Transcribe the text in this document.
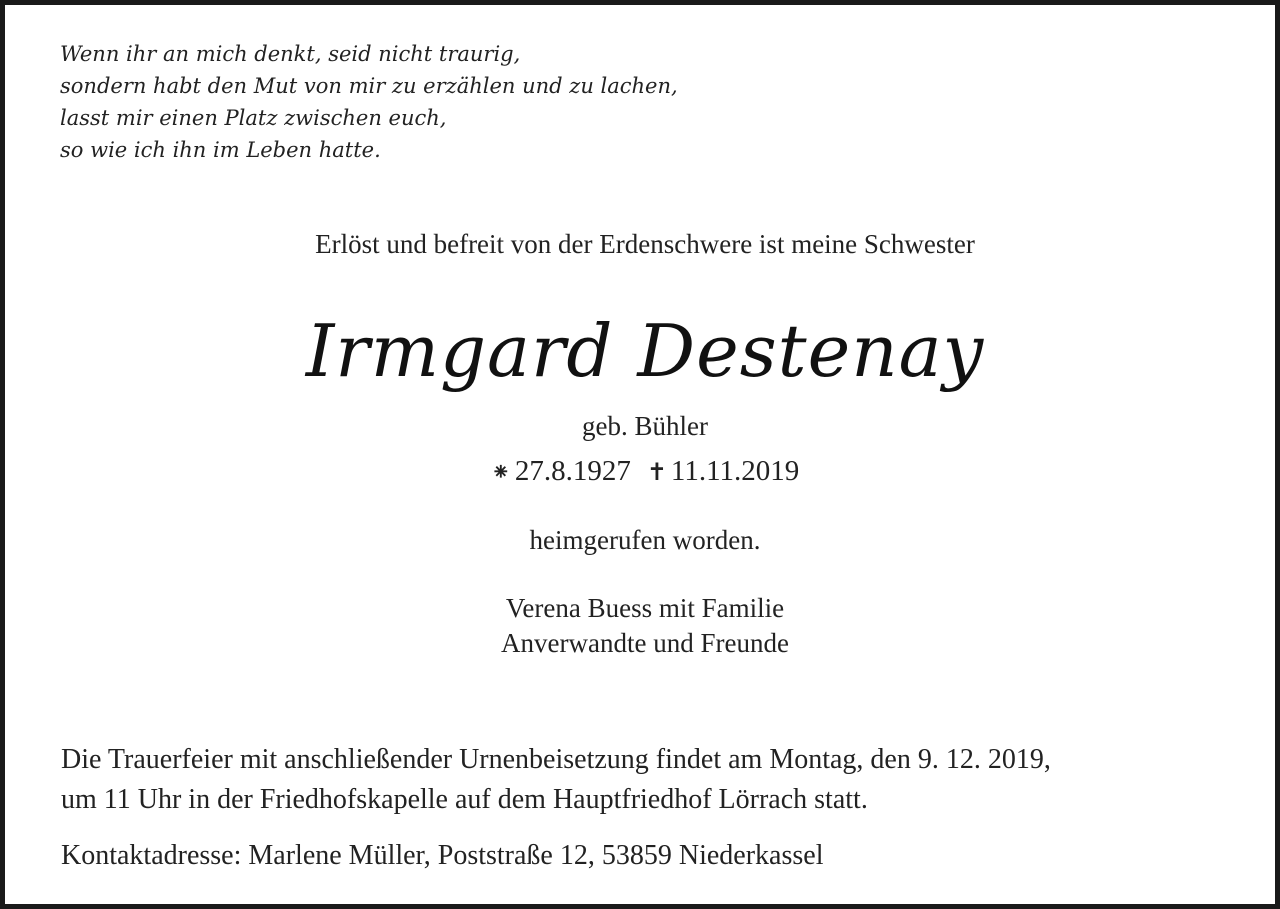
Wenn ihr an mich denkt, seid nicht traurig,
sondern habt den Mut von mir zu erzählen und zu lachen,
lasst mir einen Platz zwischen euch,
so wie ich ihn im Leben hatte.
Erlöst und befreit von der Erdenschwere ist meine Schwester
Irmgard Destenay
geb. Bühler
⁕ 27.8.1927 ✝ 11.11.2019
heimgerufen worden.
Verena Buess mit Familie
Anverwandte und Freunde
Die Trauerfeier mit anschließender Urnenbeisetzung findet am Montag, den 9. 12. 2019,
um 11 Uhr in der Friedhofskapelle auf dem Hauptfriedhof Lörrach statt.
Kontaktadresse: Marlene Müller, Poststraße 12, 53859 Niederkassel
